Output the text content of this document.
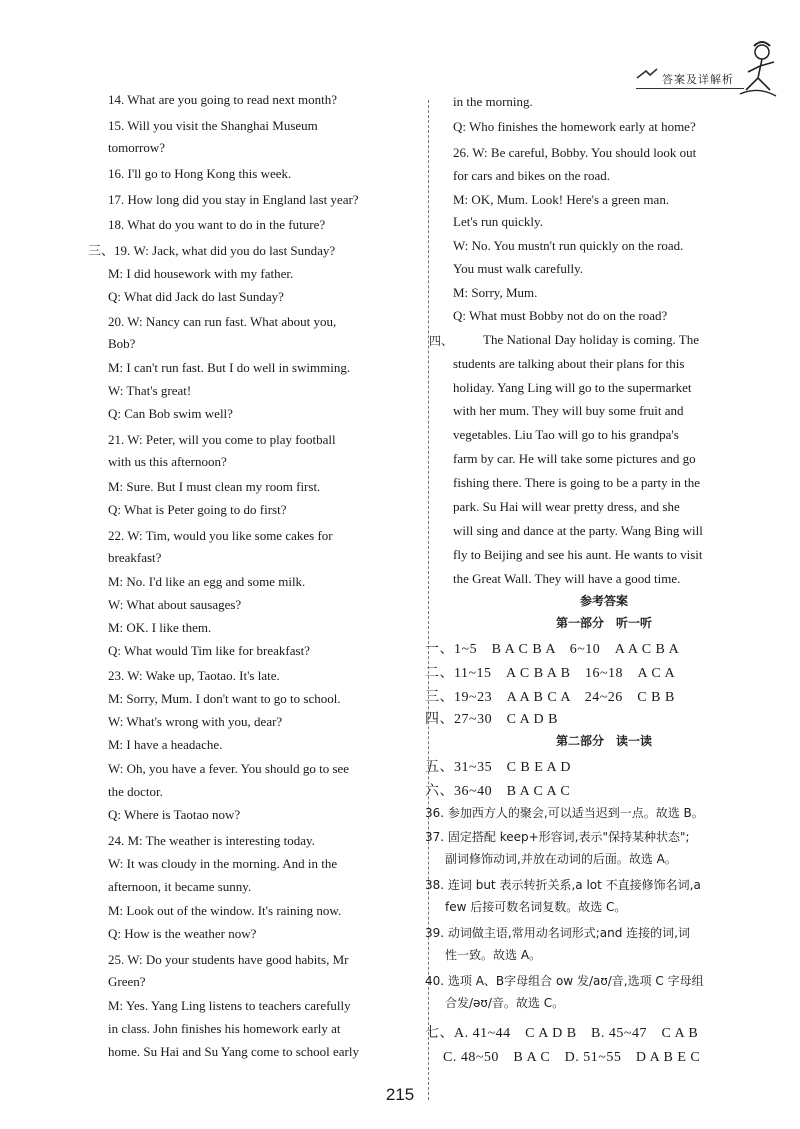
答案及详解析
14. What are you going to read next month?
15. Will you visit the Shanghai Museum
tomorrow?
16. I'll go to Hong Kong this week.
17. How long did you stay in England last year?
18. What do you want to do in the future?
三、19. W: Jack, what did you do last Sunday?
M: I did housework with my father.
Q: What did Jack do last Sunday?
20. W: Nancy can run fast. What about you,
Bob?
M: I can't run fast. But I do well in swimming.
W: That's great!
Q: Can Bob swim well?
21. W: Peter, will you come to play football
with us this afternoon?
M: Sure. But I must clean my room first.
Q: What is Peter going to do first?
22. W: Tim, would you like some cakes for
breakfast?
M: No. I'd like an egg and some milk.
W: What about sausages?
M: OK. I like them.
Q: What would Tim like for breakfast?
23. W: Wake up, Taotao. It's late.
M: Sorry, Mum. I don't want to go to school.
W: What's wrong with you, dear?
M: I have a headache.
W: Oh, you have a fever. You should go to see
the doctor.
Q: Where is Taotao now?
24. M: The weather is interesting today.
W: It was cloudy in the morning. And in the
afternoon, it became sunny.
M: Look out of the window. It's raining now.
Q: How is the weather now?
25. W: Do your students have good habits, Mr
Green?
M: Yes. Yang Ling listens to teachers carefully
in class. John finishes his homework early at
home. Su Hai and Su Yang come to school early
in the morning.
Q: Who finishes the homework early at home?
26. W: Be careful, Bobby. You should look out
for cars and bikes on the road.
M: OK, Mum. Look! Here's a green man.
Let's run quickly.
W: No. You mustn't run quickly on the road.
You must walk carefully.
M: Sorry, Mum.
Q: What must Bobby not do on the road?
四、 The National Day holiday is coming. The
students are talking about their plans for this
holiday. Yang Ling will go to the supermarket
with her mum. They will buy some fruit and
vegetables. Liu Tao will go to his grandpa's
farm by car. He will take some pictures and go
fishing there. There is going to be a party in the
park. Su Hai will wear pretty dress, and she
will sing and dance at the party. Wang Bing will
fly to Beijing and see his aunt. He wants to visit
the Great Wall. They will have a good time.
参考答案
第一部分　听一听
一、1~5　B A C B A　6~10　A A C B A
二、11~15　A C B A B　16~18　A C A
三、19~23　A A B C A　24~26　C B B
四、27~30　C A D B
第二部分　读一读
五、31~35　C B E A D
六、36~40　B A C A C
36. 参加西方人的聚会,可以适当迟到一点。故选 B。
37. 固定搭配 keep+形容词,表示"保持某种状态";
副词修饰动词,并放在动词的后面。故选 A。
38. 连词 but 表示转折关系,a lot 不直接修饰名词,a
few 后接可数名词复数。故选 C。
39. 动词做主语,常用动名词形式;and 连接的词,词
性一致。故选 A。
40. 选项 A、B字母组合 ow 发/aʊ/音,选项 C 字母组
合发/əʊ/音。故选 C。
七、A. 41~44　C A D B　B. 45~47　C A B
C. 48~50　B A C　D. 51~55　D A B E C
215
